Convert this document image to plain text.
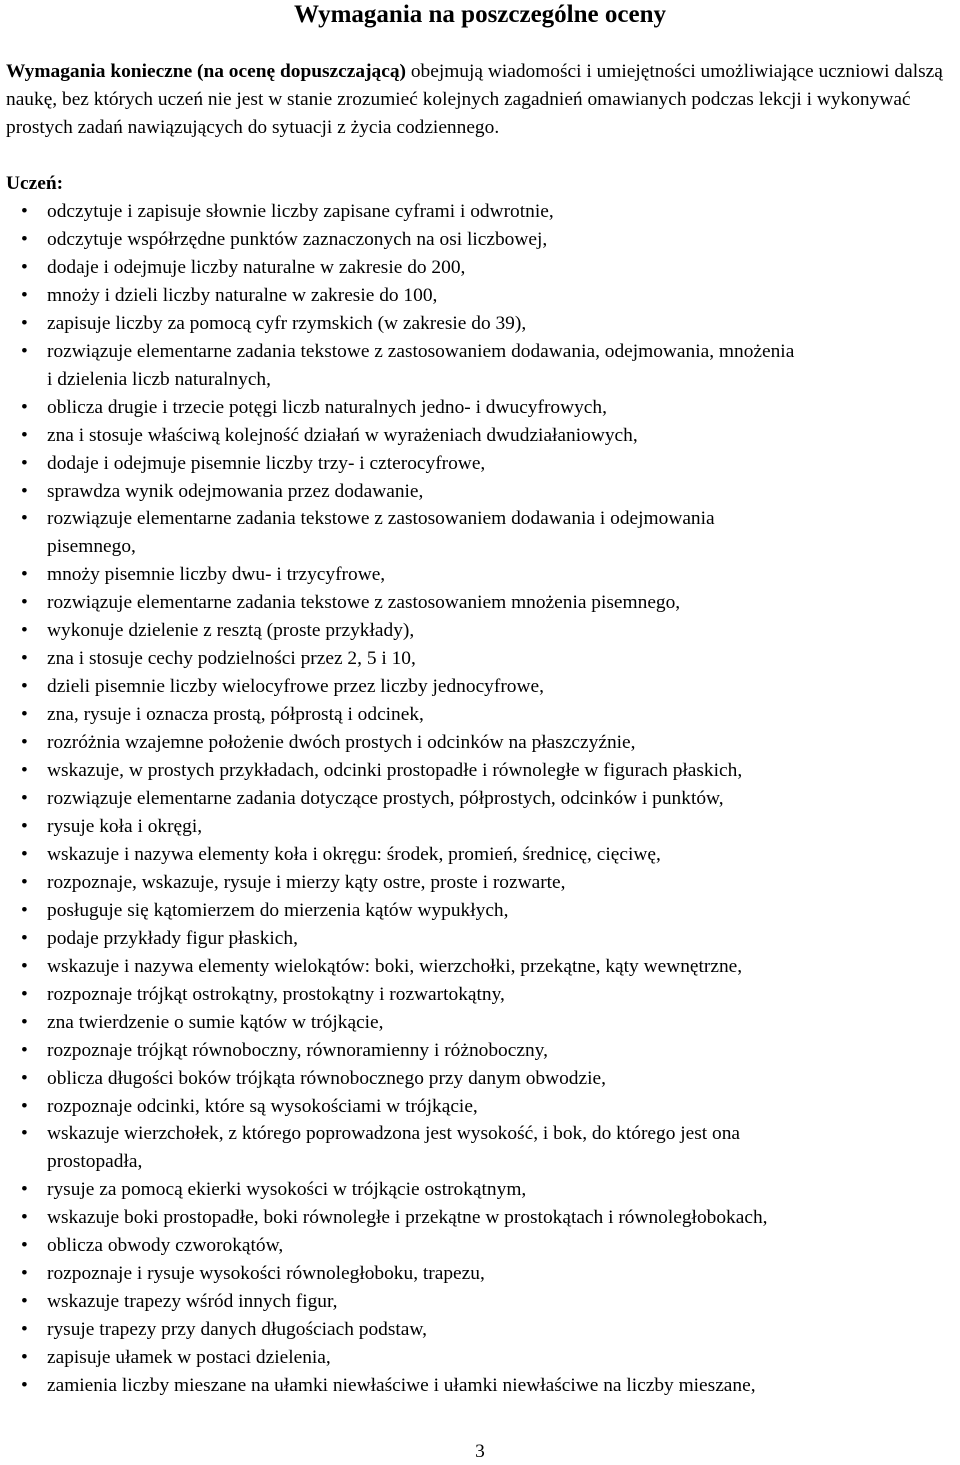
Wymagania na poszczególne oceny
Wymagania konieczne (na ocenę dopuszczającą) obejmują wiadomości i umiejętności umożliwiające uczniowi dalszą naukę, bez których uczeń nie jest w stanie zrozumieć kolejnych zagadnień omawianych podczas lekcji i wykonywać prostych zadań nawiązujących do sytuacji z życia codziennego.
Uczeń:
• odczytuje i zapisuje słownie liczby zapisane cyframi i odwrotnie,
• odczytuje współrzędne punktów zaznaczonych na osi liczbowej,
• dodaje i odejmuje liczby naturalne w zakresie do 200,
• mnoży i dzieli liczby naturalne w zakresie do 100,
• zapisuje liczby za pomocą cyfr rzymskich (w zakresie do 39),
• rozwiązuje elementarne zadania tekstowe z zastosowaniem dodawania, odejmowania, mnożenia
i dzielenia liczb naturalnych,
• oblicza drugie i trzecie potęgi liczb naturalnych jedno- i dwucyfrowych,
• zna i stosuje właściwą kolejność działań w wyrażeniach dwudziałaniowych,
• dodaje i odejmuje pisemnie liczby trzy- i czterocyfrowe,
• sprawdza wynik odejmowania przez dodawanie,
• rozwiązuje elementarne zadania tekstowe z zastosowaniem dodawania i odejmowania
pisemnego,
• mnoży pisemnie liczby dwu- i trzycyfrowe,
• rozwiązuje elementarne zadania tekstowe z zastosowaniem mnożenia pisemnego,
• wykonuje dzielenie z resztą (proste przykłady),
• zna i stosuje cechy podzielności przez 2, 5 i 10,
• dzieli pisemnie liczby wielocyfrowe przez liczby jednocyfrowe,
• zna, rysuje i oznacza prostą, półprostą i odcinek,
• rozróżnia wzajemne położenie dwóch prostych i odcinków na płaszczyźnie,
• wskazuje, w prostych przykładach, odcinki prostopadłe i równoległe w figurach płaskich,
• rozwiązuje elementarne zadania dotyczące prostych, półprostych, odcinków i punktów,
• rysuje koła i okręgi,
• wskazuje i nazywa elementy koła i okręgu: środek, promień, średnicę, cięciwę,
• rozpoznaje, wskazuje, rysuje i mierzy kąty ostre, proste i rozwarte,
• posługuje się kątomierzem do mierzenia kątów wypukłych,
• podaje przykłady figur płaskich,
• wskazuje i nazywa elementy wielokątów: boki, wierzchołki, przekątne, kąty wewnętrzne,
• rozpoznaje trójkąt ostrokątny, prostokątny i rozwartokątny,
• zna twierdzenie o sumie kątów w trójkącie,
• rozpoznaje trójkąt równoboczny, równoramienny i różnoboczny,
• oblicza długości boków trójkąta równobocznego przy danym obwodzie,
• rozpoznaje odcinki, które są wysokościami w trójkącie,
• wskazuje wierzchołek, z którego poprowadzona jest wysokość, i bok, do którego jest ona
prostopadła,
• rysuje za pomocą ekierki wysokości w trójkącie ostrokątnym,
• wskazuje boki prostopadłe, boki równoległe i przekątne w prostokątach i równoległobokach,
• oblicza obwody czworokątów,
• rozpoznaje i rysuje wysokości równoległoboku, trapezu,
• wskazuje trapezy wśród innych figur,
• rysuje trapezy przy danych długościach podstaw,
• zapisuje ułamek w postaci dzielenia,
• zamienia liczby mieszane na ułamki niewłaściwe i ułamki niewłaściwe na liczby mieszane,
3
